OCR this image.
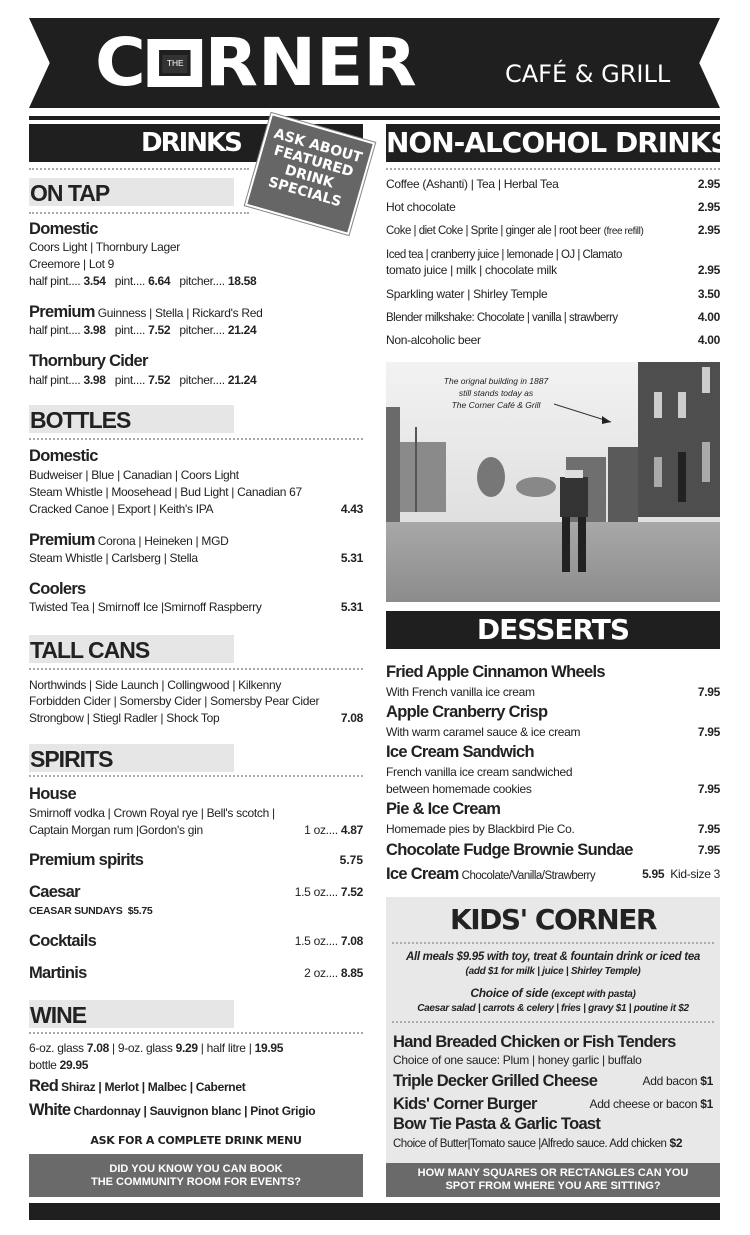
C	THE RNER	CAFÉ & GRILL
DRINKS	ASK ABOUT FEATURED DRINK SPECIALS
ON TAP
Domestic
Coors Light | Thornbury Lager
Creemore | Lot 9
half pint.... 3.54 pint.... 6.64 pitcher.... 18.58
Premium Guinness | Stella | Rickard's Red
half pint.... 3.98 pint.... 7.52 pitcher.... 21.24
Thornbury Cider
half pint.... 3.98 pint.... 7.52 pitcher.... 21.24
BOTTLES
Domestic
Budweiser | Blue | Canadian | Coors Light
Steam Whistle | Moosehead | Bud Light | Canadian 67
Cracked Canoe | Export | Keith's IPA	4.43
Premium Corona | Heineken | MGD
Steam Whistle | Carlsberg | Stella	5.31
Coolers
Twisted Tea | Smirnoff Ice |Smirnoff Raspberry	5.31
TALL CANS
Northwinds | Side Launch | Collingwood | Kilkenny
Forbidden Cider | Somersby Cider | Somersby Pear Cider
Strongbow | Stiegl Radler | Shock Top	7.08
SPIRITS
House
Smirnoff vodka | Crown Royal rye | Bell's scotch |
Captain Morgan rum |Gordon's gin	1 oz.... 4.87
Premium spirits	5.75
Caesar	1.5 oz.... 7.52
CEASAR SUNDAYS $5.75
Cocktails	1.5 oz.... 7.08
Martinis	2 oz.... 8.85
WINE
6-oz. glass 7.08 | 9-oz. glass 9.29 | half litre | 19.95
bottle 29.95
Red Shiraz | Merlot | Malbec | Cabernet
White Chardonnay | Sauvignon blanc | Pinot Grigio
ASK FOR A COMPLETE DRINK MENU
DID YOU KNOW YOU CAN BOOK
THE COMMUNITY ROOM FOR EVENTS?
NON-ALCOHOL DRINKS
Coffee (Ashanti) | Tea | Herbal Tea	2.95
Hot chocolate	2.95
Coke | diet Coke | Sprite | ginger ale | root beer (free refill)	2.95
Iced tea | cranberry juice | lemonade | OJ | Clamato
tomato juice | milk | chocolate milk	2.95
Sparkling water | Shirley Temple	3.50
Blender milkshake: Chocolate | vanilla | strawberry	4.00
Non-alcoholic beer	4.00
The orignal building in 1887
still stands today as
The Corner Café & Grill
DESSERTS
Fried Apple Cinnamon Wheels
With French vanilla ice cream	7.95
Apple Cranberry Crisp
With warm caramel sauce & ice cream	7.95
Ice Cream Sandwich
French vanilla ice cream sandwiched
between homemade cookies	7.95
Pie & Ice Cream
Homemade pies by Blackbird Pie Co.	7.95
Chocolate Fudge Brownie Sundae	7.95
Ice Cream Chocolate/Vanilla/Strawberry	5.95 Kid-size 3
KIDS' CORNER
All meals $9.95 with toy, treat & fountain drink or iced tea
(add $1 for milk | juice | Shirley Temple)
Choice of side (except with pasta)
Caesar salad | carrots & celery | fries | gravy $1 | poutine it $2
Hand Breaded Chicken or Fish Tenders
Choice of one sauce: Plum | honey garlic | buffalo
Triple Decker Grilled Cheese	Add bacon $1
Kids' Corner Burger	Add cheese or bacon $1
Bow Tie Pasta & Garlic Toast
Choice of Butter|Tomato sauce |Alfredo sauce. Add chicken $2
HOW MANY SQUARES OR RECTANGLES CAN YOU
SPOT FROM WHERE YOU ARE SITTING?
